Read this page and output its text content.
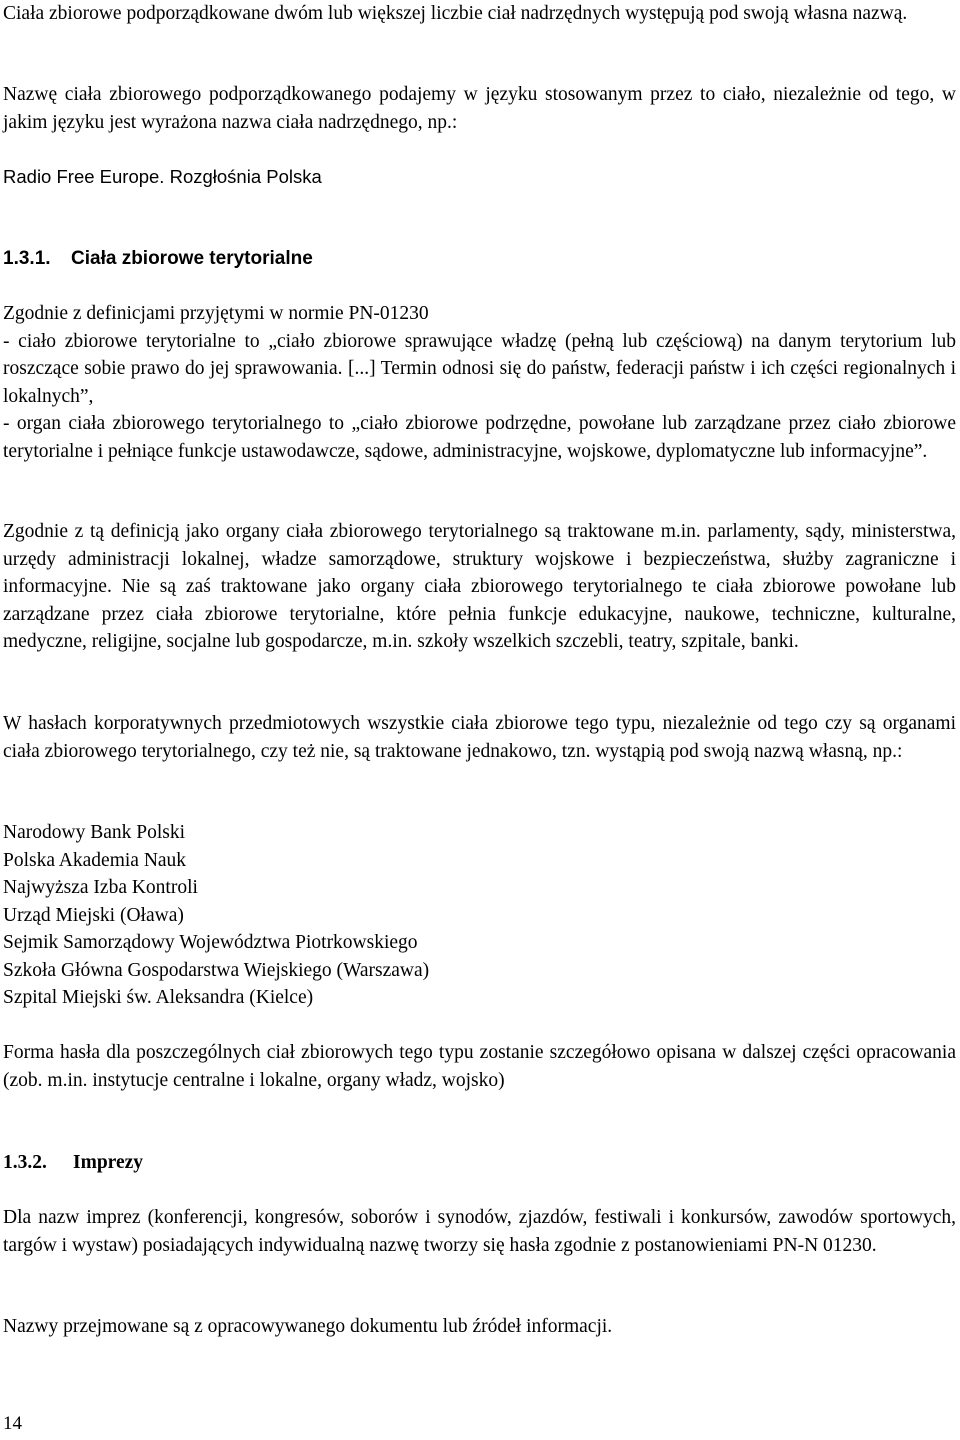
Ciała zbiorowe podporządkowane dwóm lub większej liczbie ciał nadrzędnych występują pod swoją własna nazwą.

Nazwę ciała zbiorowego podporządkowanego podajemy w języku stosowanym przez to ciało, niezależnie od tego, w jakim języku jest wyrażona nazwa ciała nadrzędnego, np.:

Radio Free Europe. Rozgłośnia Polska

1.3.1. Ciała zbiorowe terytorialne

Zgodnie z definicjami przyjętymi w normie PN-01230

- ciało zbiorowe terytorialne to „ciało zbiorowe sprawujące władzę (pełną lub częściową) na danym terytorium lub roszczące sobie prawo do jej sprawowania. [...] Termin odnosi się do państw, federacji państw i ich części regionalnych i lokalnych”,

- organ ciała zbiorowego terytorialnego to „ciało zbiorowe podrzędne, powołane lub zarządzane przez ciało zbiorowe terytorialne i pełniące funkcje ustawodawcze, sądowe, administracyjne, wojskowe, dyplomatyczne lub informacyjne”.

Zgodnie z tą definicją jako organy ciała zbiorowego terytorialnego są traktowane m.in. parlamenty, sądy, ministerstwa, urzędy administracji lokalnej, władze samorządowe, struktury wojskowe i bezpieczeństwa, służby zagraniczne i informacyjne. Nie są zaś traktowane jako organy ciała zbiorowego terytorialnego te ciała zbiorowe powołane lub zarządzane przez ciała zbiorowe terytorialne, które pełnia funkcje edukacyjne, naukowe, techniczne, kulturalne, medyczne, religijne, socjalne lub gospodarcze, m.in. szkoły wszelkich szczebli, teatry, szpitale, banki.

W hasłach korporatywnych przedmiotowych wszystkie ciała zbiorowe tego typu, niezależnie od tego czy są organami ciała zbiorowego terytorialnego, czy też nie, są traktowane jednakowo, tzn. wystąpią pod swoją nazwą własną, np.:

Narodowy Bank Polski
Polska Akademia Nauk
Najwyższa Izba Kontroli
Urząd Miejski (Oława)
Sejmik Samorządowy Województwa Piotrkowskiego
Szkoła Główna Gospodarstwa Wiejskiego (Warszawa)
Szpital Miejski św. Aleksandra (Kielce)

Forma hasła dla poszczególnych ciał zbiorowych tego typu zostanie szczegółowo opisana w dalszej części opracowania (zob. m.in. instytucje centralne i lokalne, organy władz, wojsko)

1.3.2. Imprezy

Dla nazw imprez (konferencji, kongresów, soborów i synodów, zjazdów, festiwali i konkursów, zawodów sportowych, targów i wystaw) posiadających indywidualną nazwę tworzy się hasła zgodnie z postanowieniami PN-N 01230.

Nazwy przejmowane są z opracowywanego dokumentu lub źródeł informacji.

14
